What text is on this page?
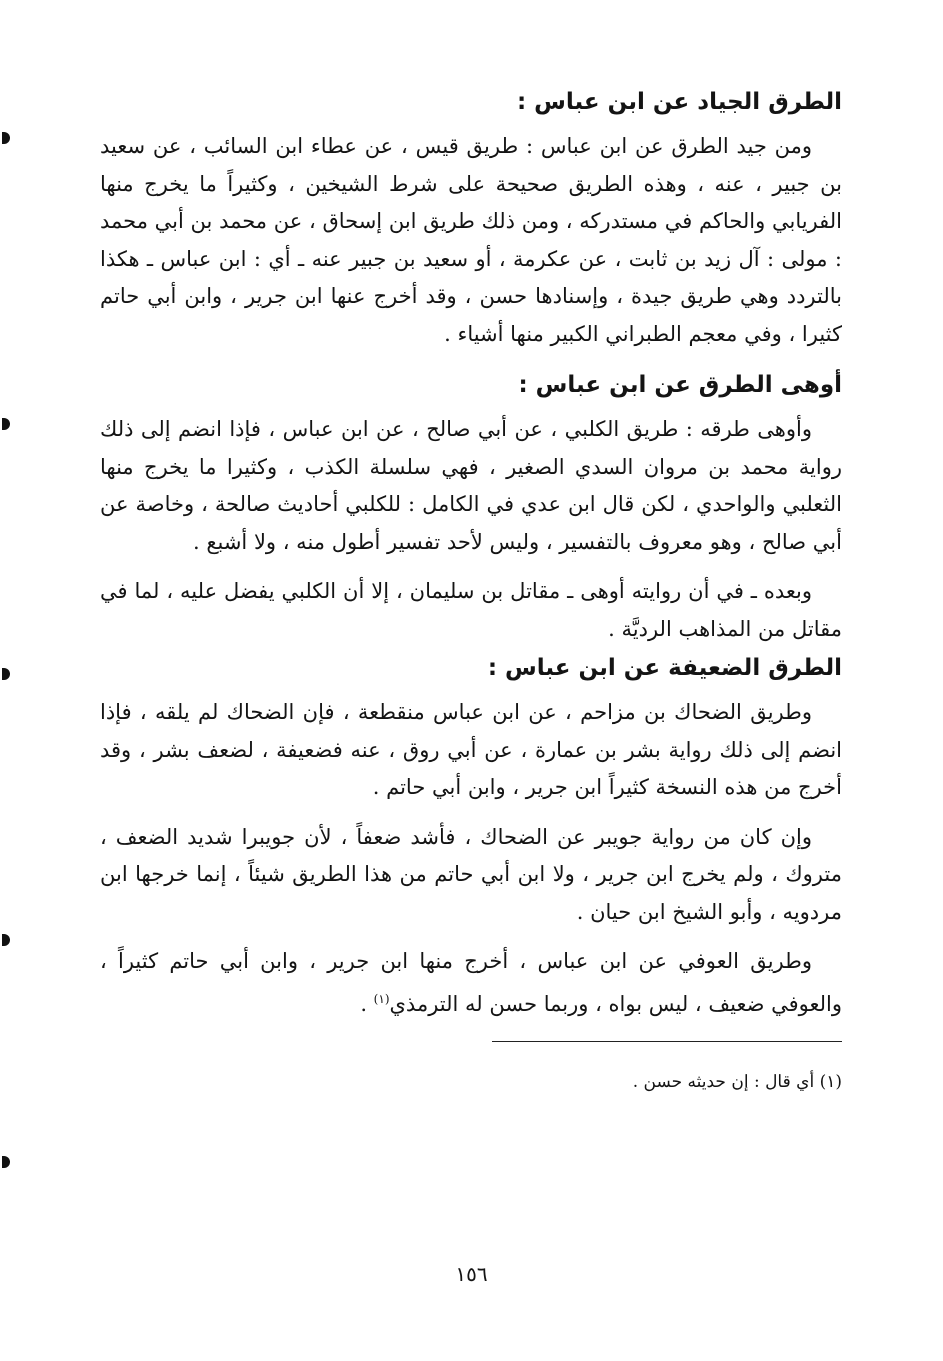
الطرق الجياد عن ابن عباس :

ومن جيد الطرق عن ابن عباس : طريق قيس ، عن عطاء ابن السائب ، عن سعيد بن جبير ، عنه ، وهذه الطريق صحيحة على شرط الشيخين ، وكثيراً ما يخرج منها الفريابي والحاكم في مستدركه ، ومن ذلك طريق ابن إسحاق ، عن محمد بن أبي محمد : مولى : آل زيد بن ثابت ، عن عكرمة ، أو سعيد بن جبير عنه ـ أي : ابن عباس ـ هكذا بالتردد وهي طريق جيدة ، وإسنادها حسن ، وقد أخرج عنها ابن جرير ، وابن أبي حاتم كثيرا ، وفي معجم الطبراني الكبير منها أشياء .

أوهى الطرق عن ابن عباس :

وأوهى طرقه : طريق الكلبي ، عن أبي صالح ، عن ابن عباس ، فإذا انضم إلى ذلك رواية محمد بن مروان السدي الصغير ، فهي سلسلة الكذب ، وكثيرا ما يخرج منها الثعلبي والواحدي ، لكن قال ابن عدي في الكامل : للكلبي أحاديث صالحة ، وخاصة عن أبي صالح ، وهو معروف بالتفسير ، وليس لأحد تفسير أطول منه ، ولا أشبع .

وبعده ـ في أن روايته أوهى ـ مقاتل بن سليمان ، إلا أن الكلبي يفضل عليه ، لما في مقاتل من المذاهب الرديَّة .

الطرق الضعيفة عن ابن عباس :

وطريق الضحاك بن مزاحم ، عن ابن عباس منقطعة ، فإن الضحاك لم يلقه ، فإذا انضم إلى ذلك رواية بشر بن عمارة ، عن أبي روق ، عنه فضعيفة ، لضعف بشر ، وقد أخرج من هذه النسخة كثيراً ابن جرير ، وابن أبي حاتم .

وإن كان من رواية جويبر عن الضحاك ، فأشد ضعفاً ، لأن جويبرا شديد الضعف ، متروك ، ولم يخرج ابن جرير ، ولا ابن أبي حاتم من هذا الطريق شيئاً ، إنما خرجها ابن مردويه ، وأبو الشيخ ابن حيان .

وطريق العوفي عن ابن عباس ، أخرج منها ابن جرير ، وابن أبي حاتم كثيراً ، والعوفي ضعيف ، ليس بواه ، وربما حسن له الترمذي$^{(١)}$ .

(١) أي قال : إن حديثه حسن .

١٥٦
